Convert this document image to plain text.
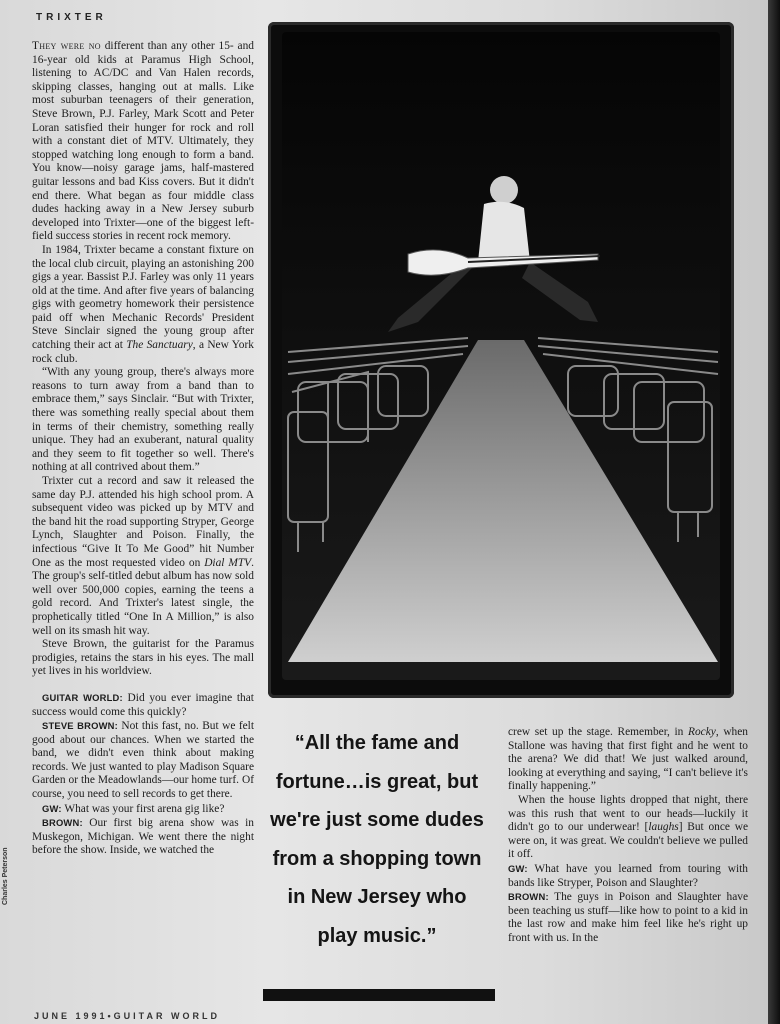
TRIXTER

They were no different than any other 15- and 16-year old kids at Paramus High School, listening to AC/DC and Van Halen records, skipping classes, hanging out at malls. Like most suburban teenagers of their generation, Steve Brown, P.J. Farley, Mark Scott and Peter Loran satisfied their hunger for rock and roll with a constant diet of MTV. Ultimately, they stopped watching long enough to form a band. You know—noisy garage jams, half-mastered guitar lessons and bad Kiss covers. But it didn't end there. What began as four middle class dudes hacking away in a New Jersey suburb developed into Trixter—one of the biggest left-field success stories in recent rock memory.

In 1984, Trixter became a constant fixture on the local club circuit, playing an astonishing 200 gigs a year. Bassist P.J. Farley was only 11 years old at the time. And after five years of balancing gigs with geometry homework their persistence paid off when Mechanic Records' President Steve Sinclair signed the young group after catching their act at The Sanctuary, a New York rock club.

“With any young group, there's always more reasons to turn away from a band than to embrace them,” says Sinclair. “But with Trixter, there was something really special about them in terms of their chemistry, something really unique. They had an exuberant, natural quality and they seem to fit together so well. There's nothing at all contrived about them.”

Trixter cut a record and saw it released the same day P.J. attended his high school prom. A subsequent video was picked up by MTV and the band hit the road supporting Stryper, George Lynch, Slaughter and Poison. Finally, the infectious “Give It To Me Good” hit Number One as the most requested video on Dial MTV. The group's self-titled debut album has now sold well over 500,000 copies, earning the teens a gold record. And Trixter's latest single, the prophetically titled “One In A Million,” is also well on its smash hit way.

Steve Brown, the guitarist for the Paramus prodigies, retains the stars in his eyes. The mall yet lives in his worldview.

GUITAR WORLD: Did you ever imagine that success would come this quickly?

STEVE BROWN: Not this fast, no. But we felt good about our chances. When we started the band, we didn't even think about making records. We just wanted to play Madison Square Garden or the Meadowlands—our home turf. Of course, you need to sell records to get there.

GW: What was your first arena gig like?

BROWN: Our first big arena show was in Muskegon, Michigan. We went there the night before the show. Inside, we watched the

“All the fame and fortune…is great, but we're just some dudes from a shopping town in New Jersey who play music.”

crew set up the stage. Remember, in Rocky, when Stallone was having that first fight and he went to the arena? We did that! We just walked around, looking at everything and saying, “I can't believe it's finally happening.”

When the house lights dropped that night, there was this rush that went to our heads—luckily it didn't go to our underwear! [laughs] But once we were on, it was great. We couldn't believe we pulled it off.

GW: What have you learned from touring with bands like Stryper, Poison and Slaughter?

BROWN: The guys in Poison and Slaughter have been teaching us stuff—like how to point to a kid in the last row and make him feel like he's right up front with us. In the

Charles Peterson
JUNE 1991•GUITAR WORLD
